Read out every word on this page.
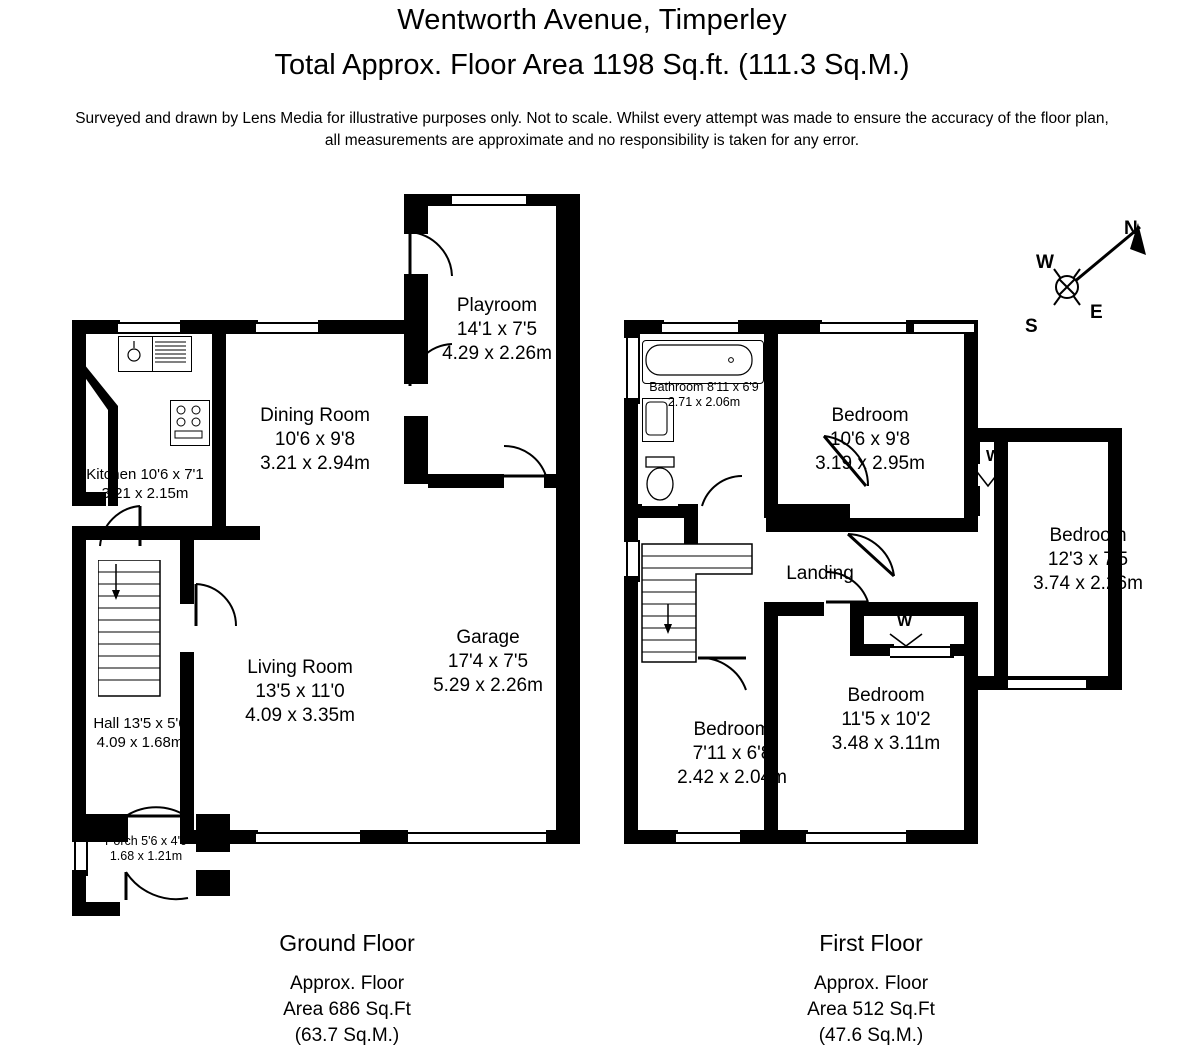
Wentworth Avenue, Timperley
Total Approx. Floor Area 1198 Sq.ft. (111.3 Sq.M.)
Surveyed and drawn by Lens Media for illustrative purposes only. Not to scale. Whilst every attempt was made to ensure the accuracy of the floor plan,
all measurements are approximate and no responsibility is taken for any error.
N
E
S
W
Playroom
14'1 x 7'5
4.29 x 2.26m
Dining Room
10'6 x 9'8
3.21 x 2.94m
Kitchen 10'6 x 7'1
3.21 x 2.15m
Living Room
13'5 x 11'0
4.09 x 3.35m
Garage
17'4 x 7'5
5.29 x 2.26m
Hall 13'5 x 5'6
4.09 x 1.68m
Porch 5'6 x 4'0
1.68 x 1.21m
W
W
Bathroom 8'11 x 6'9
2.71 x 2.06m
Bedroom
10'6 x 9'8
3.19 x 2.95m
Bedroom
12'3 x 7'5
3.74 x 2.26m
Bedroom
11'5 x 10'2
3.48 x 3.11m
Bedroom
7'11 x 6'8
2.42 x 2.04m
Landing
Ground Floor
Approx. Floor
Area 686 Sq.Ft
(63.7 Sq.M.)
First Floor
Approx. Floor
Area 512 Sq.Ft
(47.6 Sq.M.)
